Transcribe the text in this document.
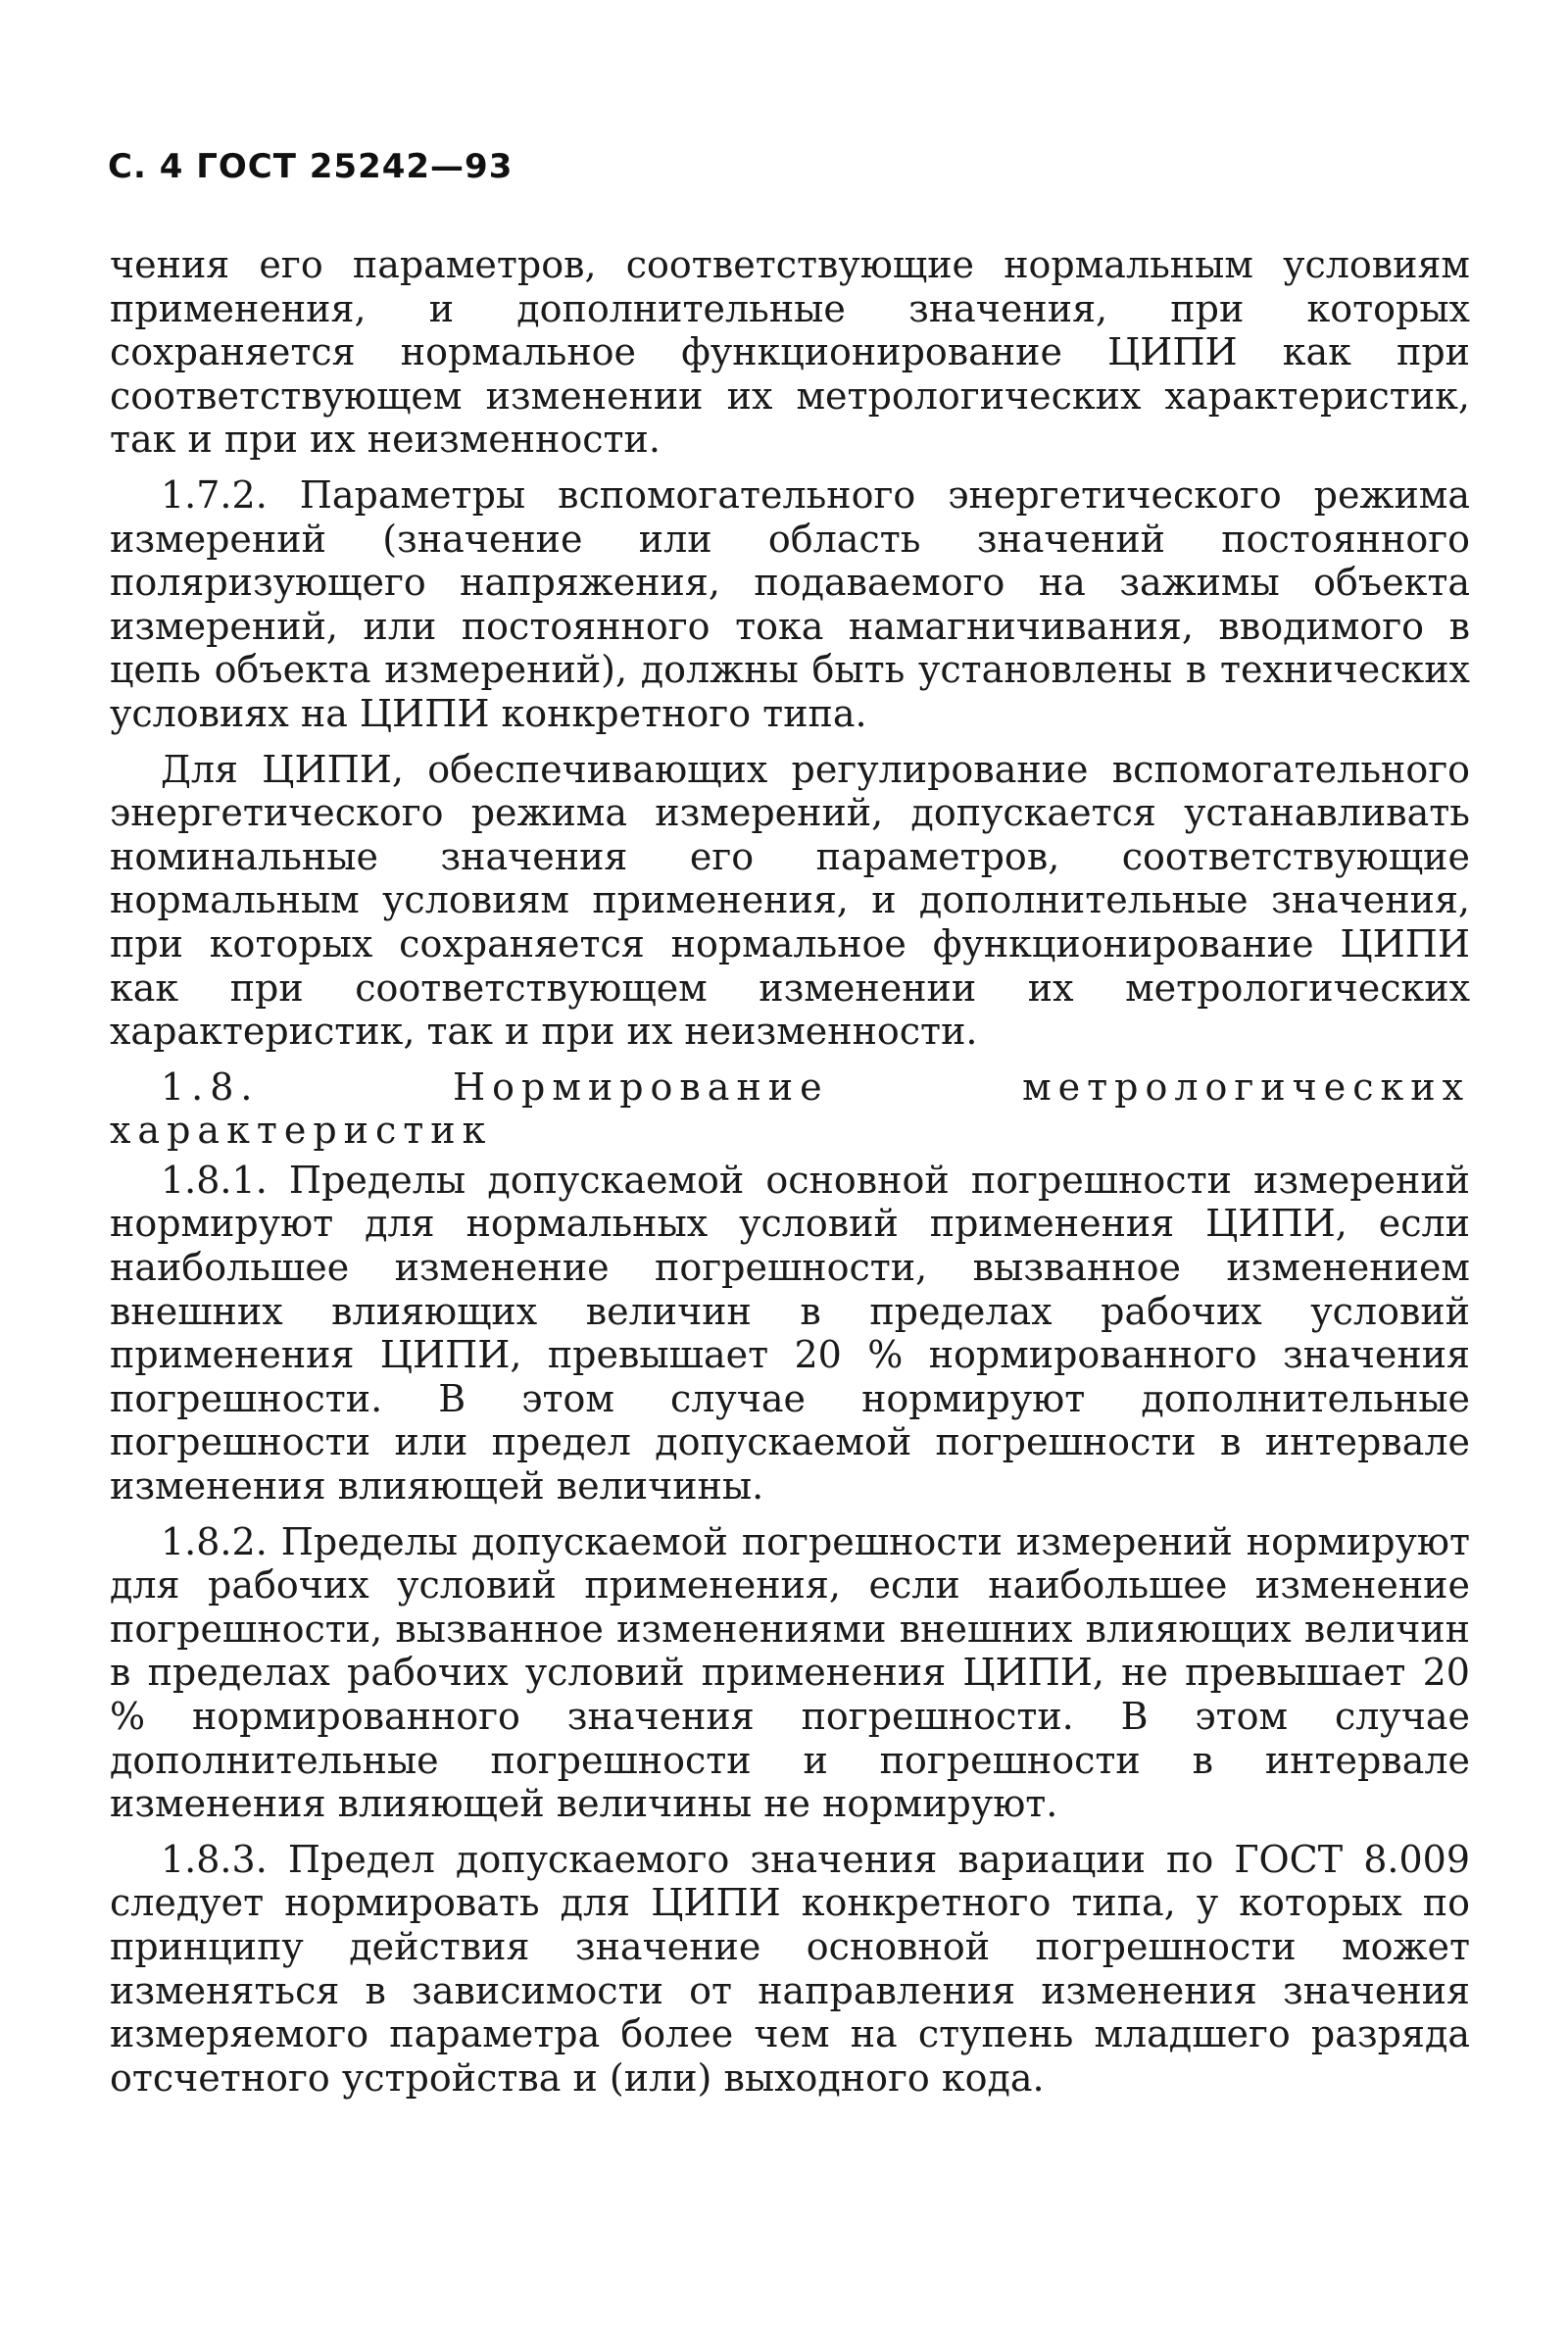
С. 4 ГОСТ 25242—93

чения его параметров, соответствующие нормальным условиям применения, и дополнительные значения, при которых сохраняется нормальное функционирование ЦИПИ как при соответствующем изменении их метрологических характеристик, так и при их неизменности.

1.7.2. Параметры вспомогательного энергетического режима измерений (значение или область значений постоянного поляризующего напряжения, подаваемого на зажимы объекта измерений, или постоянного тока намагничивания, вводимого в цепь объекта измерений), должны быть установлены в технических условиях на ЦИПИ конкретного типа.

Для ЦИПИ, обеспечивающих регулирование вспомогательного энергетического режима измерений, допускается устанавливать номинальные значения его параметров, соответствующие нормальным условиям применения, и дополнительные значения, при которых сохраняется нормальное функционирование ЦИПИ как при соответствующем изменении их метрологических характеристик, так и при их неизменности.

1.8. Нормирование метрологических характеристик

1.8.1. Пределы допускаемой основной погрешности измерений нормируют для нормальных условий применения ЦИПИ, если наибольшее изменение погрешности, вызванное изменением внешних влияющих величин в пределах рабочих условий применения ЦИПИ, превышает 20 % нормированного значения погрешности. В этом случае нормируют дополнительные погрешности или предел допускаемой погрешности в интервале изменения влияющей величины.

1.8.2. Пределы допускаемой погрешности измерений нормируют для рабочих условий применения, если наибольшее изменение погрешности, вызванное изменениями внешних влияющих величин в пределах рабочих условий применения ЦИПИ, не превышает 20 % нормированного значения погрешности. В этом случае дополнительные погрешности и погрешности в интервале изменения влияющей величины не нормируют.

1.8.3. Предел допускаемого значения вариации по ГОСТ 8.009 следует нормировать для ЦИПИ конкретного типа, у которых по принципу действия значение основной погрешности может изменяться в зависимости от направления изменения значения измеряемого параметра более чем на ступень младшего разряда отсчетного устройства и (или) выходного кода.
